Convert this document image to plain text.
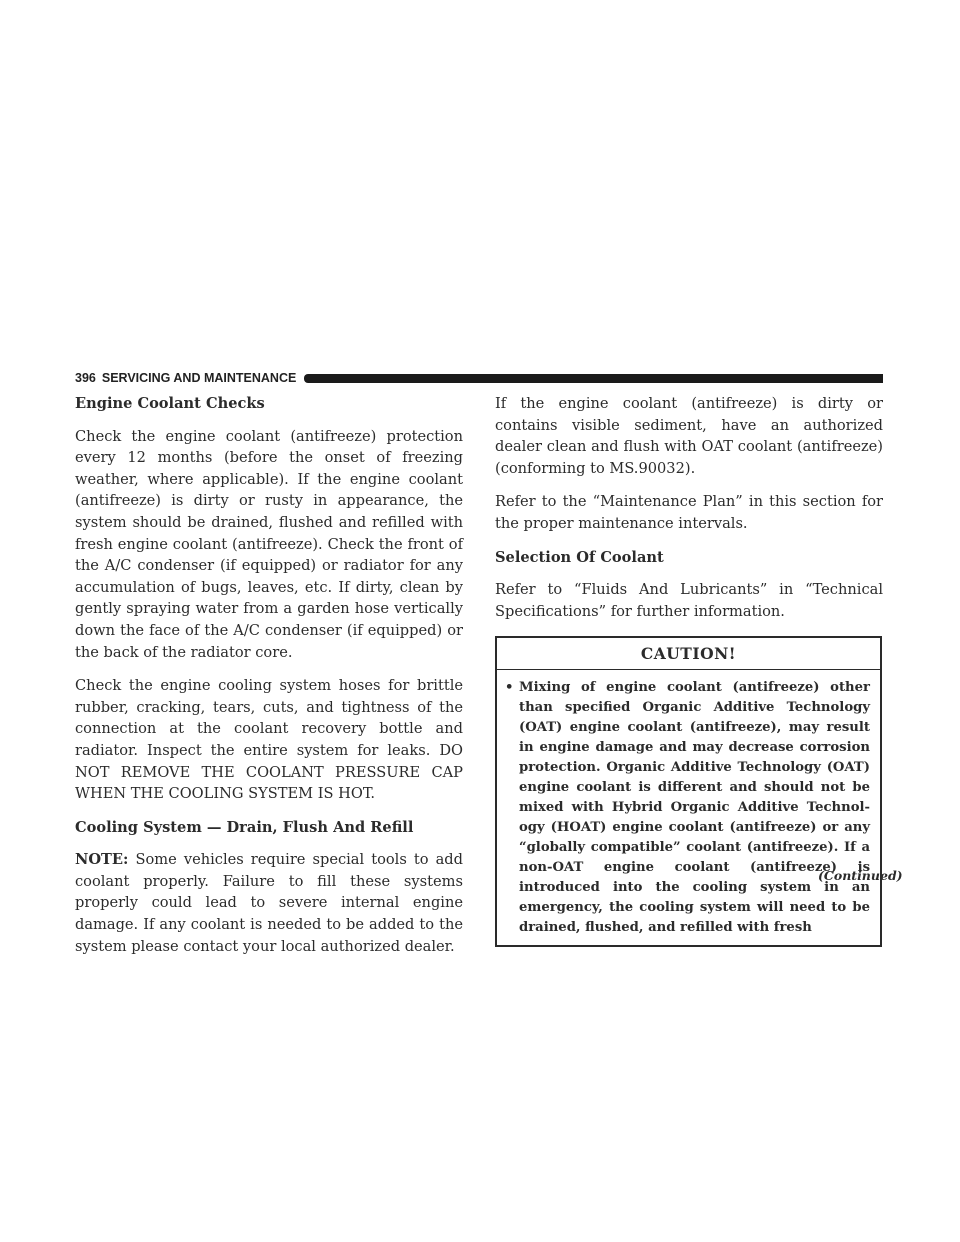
396 SERVICING AND MAINTENANCE
Engine Coolant Checks

Check the engine coolant (antifreeze) protection every 12 months (before the onset of freezing weather, where applicable). If the engine coolant (antifreeze) is dirty or rusty in appearance, the system should be drained, flushed and refilled with fresh engine coolant (antifreeze). Check the front of the A/C condenser (if equipped) or radiator for any accumulation of bugs, leaves, etc. If dirty, clean by gently spraying water from a garden hose vertically down the face of the A/C condenser (if equipped) or the back of the radiator core.

Check the engine cooling system hoses for brittle rubber, cracking, tears, cuts, and tightness of the connection at the coolant recovery bottle and radiator. Inspect the entire system for leaks. DO NOT REMOVE THE COOLANT PRESSURE CAP WHEN THE COOLING SYSTEM IS HOT.

Cooling System — Drain, Flush And Refill

NOTE: Some vehicles require special tools to add coolant properly. Failure to fill these systems properly could lead to severe internal engine damage. If any coolant is needed to be added to the system please contact your local authorized dealer.

If the engine coolant (antifreeze) is dirty or contains visible sediment, have an authorized dealer clean and flush with OAT coolant (antifreeze) (conforming to MS.90032).

Refer to the “Maintenance Plan” in this section for the proper maintenance intervals.

Selection Of Coolant

Refer to “Fluids And Lubricants” in “Technical Specifications” for further information.

CAUTION!
• Mixing of engine coolant (antifreeze) other than specified Organic Additive Technology (OAT) engine coolant (antifreeze), may result in engine damage and may decrease corrosion protection. Organic Additive Technology (OAT) engine coolant is different and should not be mixed with Hybrid Organic Additive Technology (HOAT) engine coolant (antifreeze) or any “globally compatible” coolant (antifreeze). If a non-OAT engine coolant (antifreeze) is introduced into the cooling system in an emergency, the cooling system will need to be drained, flushed, and refilled with fresh
(Continued)
